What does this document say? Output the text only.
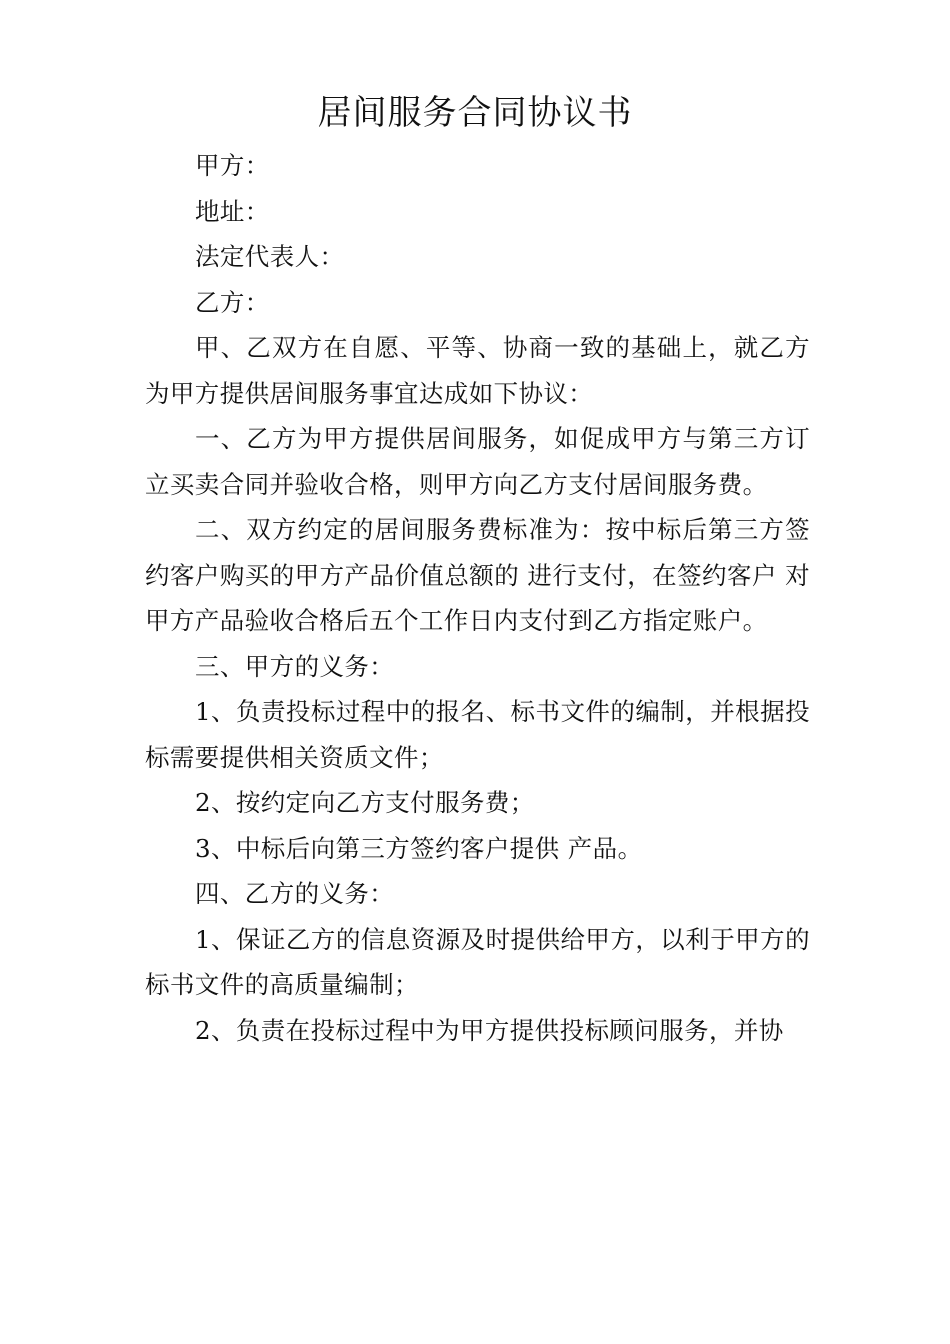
居间服务合同协议书

甲方：

地址：

法定代表人：

乙方：

甲、乙双方在自愿、平等、协商一致的基础上，就乙方为甲方提供居间服务事宜达成如下协议：

一、乙方为甲方提供居间服务，如促成甲方与第三方订 立买卖合同并验收合格，则甲方向乙方支付居间服务费。

二、双方约定的居间服务费标准为：按中标后第三方签 约客户购买的甲方产品价值总额的 进行支付，在签约客户 对甲方产品验收合格后五个工作日内支付到乙方指定账户。

三、甲方的义务：

1、负责投标过程中的报名、标书文件的编制，并根据投标需要提供相关资质文件；

2、按约定向乙方支付服务费；

3、中标后向第三方签约客户提供 产品。

四、乙方的义务：

1、保证乙方的信息资源及时提供给甲方，以利于甲方的标书文件的高质量编制；

2、负责在投标过程中为甲方提供投标顾问服务，并协
